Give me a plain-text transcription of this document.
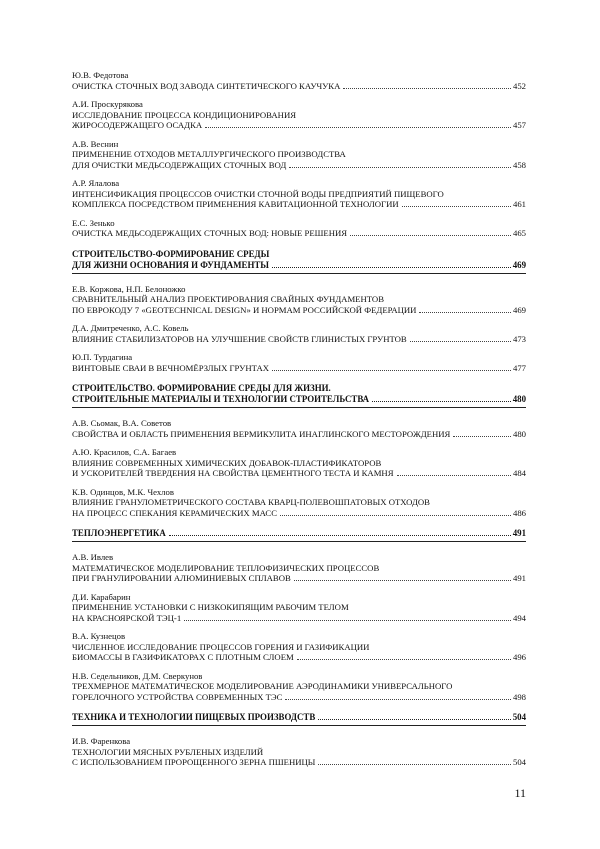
Ю.В. Федотова
ОЧИСТКА СТОЧНЫХ ВОД ЗАВОДА СИНТЕТИЧЕСКОГО КАУЧУКА	452
А.И. Проскурякова
ИССЛЕДОВАНИЕ ПРОЦЕССА КОНДИЦИОНИРОВАНИЯ
ЖИРОСОДЕРЖАЩЕГО ОСАДКА	457
А.В. Веснин
ПРИМЕНЕНИЕ ОТХОДОВ МЕТАЛЛУРГИЧЕСКОГО ПРОИЗВОДСТВА
ДЛЯ ОЧИСТКИ МЕДЬСОДЕРЖАЩИХ СТОЧНЫХ ВОД	458
А.Р. Ялалова
ИНТЕНСИФИКАЦИЯ ПРОЦЕССОВ ОЧИСТКИ СТОЧНОЙ ВОДЫ ПРЕДПРИЯТИЙ ПИЩЕВОГО
КОМПЛЕКСА ПОСРЕДСТВОМ ПРИМЕНЕНИЯ КАВИТАЦИОННОЙ ТЕХНОЛОГИИ	461
Е.С. Зенько
ОЧИСТКА МЕДЬСОДЕРЖАЩИХ СТОЧНЫХ ВОД: НОВЫЕ РЕШЕНИЯ	465
СТРОИТЕЛЬСТВО-ФОРМИРОВАНИЕ СРЕДЫ
ДЛЯ ЖИЗНИ ОСНОВАНИЯ И ФУНДАМЕНТЫ	469
Е.В. Коржова, Н.П. Белоножко
СРАВНИТЕЛЬНЫЙ АНАЛИЗ ПРОЕКТИРОВАНИЯ СВАЙНЫХ ФУНДАМЕНТОВ
ПО ЕВРОКОДУ 7 «GEOTECHNICAL DESIGN» И НОРМАМ РОССИЙСКОЙ ФЕДЕРАЦИИ	469
Д.А. Дмитреченко, А.С. Ковель
ВЛИЯНИЕ СТАБИЛИЗАТОРОВ НА УЛУЧШЕНИЕ СВОЙСТВ ГЛИНИСТЫХ ГРУНТОВ	473
Ю.П. Турдагина
ВИНТОВЫЕ СВАИ В ВЕЧНОМЁРЗЛЫХ ГРУНТАХ	477
СТРОИТЕЛЬСТВО. ФОРМИРОВАНИЕ СРЕДЫ ДЛЯ ЖИЗНИ.
СТРОИТЕЛЬНЫЕ МАТЕРИАЛЫ И ТЕХНОЛОГИИ СТРОИТЕЛЬСТВА	480
А.В. Сьомак, В.А. Советов
СВОЙСТВА И ОБЛАСТЬ ПРИМЕНЕНИЯ ВЕРМИКУЛИТА ИНАГЛИНСКОГО МЕСТОРОЖДЕНИЯ	480
А.Ю. Красилов, С.А. Багаев
ВЛИЯНИЕ СОВРЕМЕННЫХ ХИМИЧЕСКИХ ДОБАВОК-ПЛАСТИФИКАТОРОВ
И УСКОРИТЕЛЕЙ ТВЕРДЕНИЯ НА СВОЙСТВА ЦЕМЕНТНОГО ТЕСТА И КАМНЯ	484
К.В. Одинцов, М.К. Чехлов
ВЛИЯНИЕ ГРАНУЛОМЕТРИЧЕСКОГО СОСТАВА КВАРЦ-ПОЛЕВОШПАТОВЫХ ОТХОДОВ
НА ПРОЦЕСС СПЕКАНИЯ КЕРАМИЧЕСКИХ МАСС	486
ТЕПЛОЭНЕРГЕТИКА	491
А.В. Ивлев
МАТЕМАТИЧЕСКОЕ МОДЕЛИРОВАНИЕ ТЕПЛОФИЗИЧЕСКИХ ПРОЦЕССОВ
ПРИ ГРАНУЛИРОВАНИИ АЛЮМИНИЕВЫХ СПЛАВОВ	491
Д.И. Карабарин
ПРИМЕНЕНИЕ УСТАНОВКИ С НИЗКОКИПЯЩИМ РАБОЧИМ ТЕЛОМ
НА КРАСНОЯРСКОЙ ТЭЦ-1	494
В.А. Кузнецов
ЧИСЛЕННОЕ ИССЛЕДОВАНИЕ ПРОЦЕССОВ ГОРЕНИЯ И ГАЗИФИКАЦИИ
БИОМАССЫ В ГАЗИФИКАТОРАХ С ПЛОТНЫМ СЛОЕМ	496
Н.В. Седельников, Д.М. Сверкунов
ТРЕХМЕРНОЕ МАТЕМАТИЧЕСКОЕ МОДЕЛИРОВАНИЕ АЭРОДИНАМИКИ УНИВЕРСАЛЬНОГО
ГОРЕЛОЧНОГО УСТРОЙСТВА СОВРЕМЕННЫХ ТЭС	498
ТЕХНИКА И ТЕХНОЛОГИИ ПИЩЕВЫХ ПРОИЗВОДСТВ	504
И.В. Фаренкова
ТЕХНОЛОГИИ МЯСНЫХ РУБЛЕНЫХ ИЗДЕЛИЙ
С ИСПОЛЬЗОВАНИЕМ ПРОРОЩЕННОГО ЗЕРНА ПШЕНИЦЫ	504
11
